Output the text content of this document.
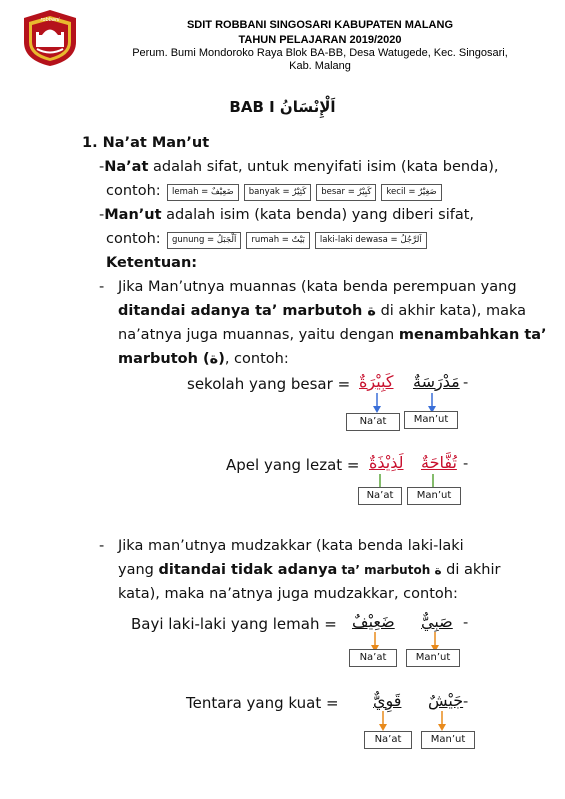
robbani	SDIT ROBBANI SINGOSARI KABUPATEN MALANG
TAHUN PELAJARAN 2019/2020
Perum. Bumi Mondoroko Raya Blok BA-BB, Desa Watugede, Kec. Singosari,
Kab. Malang
BAB I اَلْإِنْسَانُ
1. Na’at Man’ut
-Na’at adalah sifat, untuk menyifati isim (kata benda),
contoh:	lemah = ضَعِيْفٌ	banyak = كَثِيْرٌ	besar = كَبِيْرٌ	kecil = صَغِيْرٌ
-Man’ut adalah isim (kata benda) yang diberi sifat,
contoh:	gunung = اَلْجَبَلُ	rumah = بَيْتٌ	laki-laki dewasa = اَلرَّجُلُ
Ketentuan:
- Jika Man’utnya muannas (kata benda perempuan yang
ditandai adanya ta’ marbutoh ة di akhir kata), maka
na’atnya juga muannas, yaitu dengan menambahkan ta’
marbutoh (ة), contoh:
sekolah yang besar = كَبِيْرَةٌ مَدْرَسَةٌ -
Na’at	Man’ut
Apel yang lezat = لَذِيْذَةٌ تُفَّاحَةٌ -
Na’at	Man’ut
- Jika man’utnya mudzakkar (kata benda laki-laki
yang ditandai tidak adanya ta’ marbutoh ة di akhir
kata), maka na’atnya juga mudzakkar, contoh:
Bayi laki-laki yang lemah = ضَعِيْفٌ صَبِيٌّ -
Na’at	Man’ut
Tentara yang kuat = قَوِيٌّ جَيْشٌ -
Na’at	Man’ut
